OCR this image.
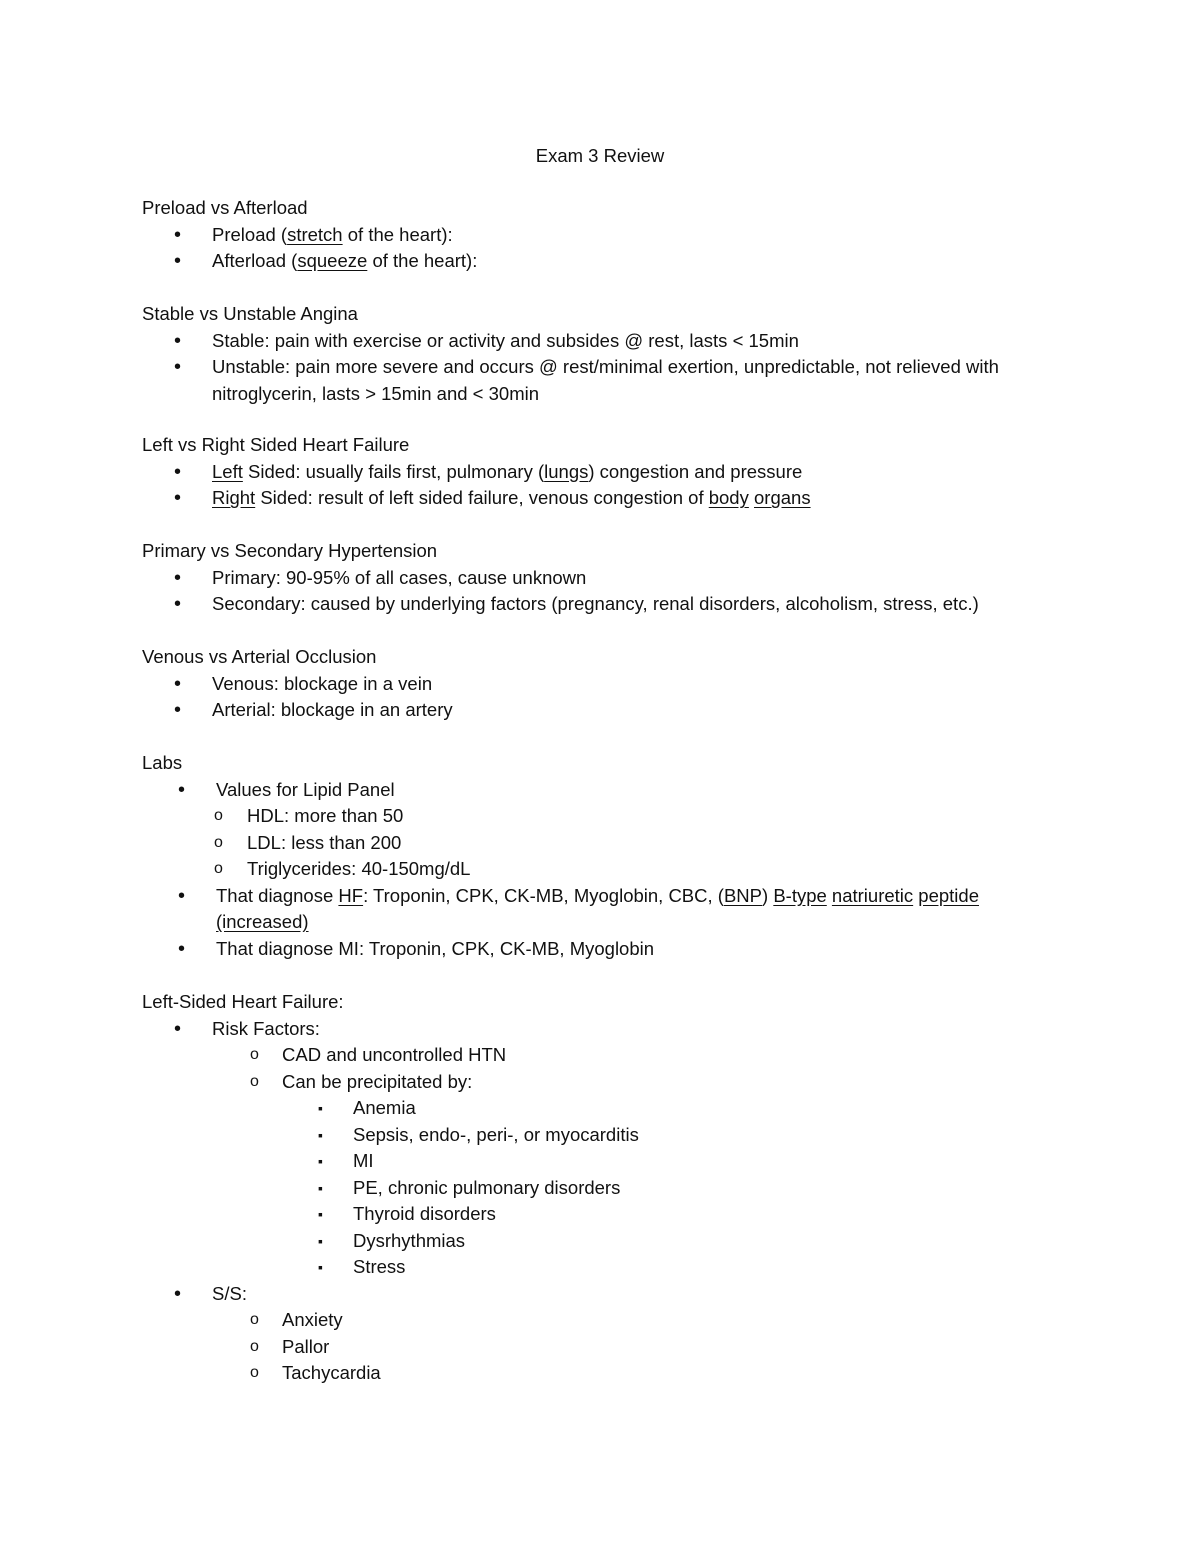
Exam 3 Review
Preload vs Afterload
• Preload (stretch of the heart):
• Afterload (squeeze of the heart):
Stable vs Unstable Angina
• Stable: pain with exercise or activity and subsides @ rest, lasts < 15min
• Unstable: pain more severe and occurs @ rest/minimal exertion, unpredictable, not relieved with nitroglycerin, lasts > 15min and < 30min
Left vs Right Sided Heart Failure
• Left Sided: usually fails first, pulmonary (lungs) congestion and pressure
• Right Sided: result of left sided failure, venous congestion of body organs
Primary vs Secondary Hypertension
• Primary: 90-95% of all cases, cause unknown
• Secondary: caused by underlying factors (pregnancy, renal disorders, alcoholism, stress, etc.)
Venous vs Arterial Occlusion
• Venous: blockage in a vein
• Arterial: blockage in an artery
Labs
• Values for Lipid Panel
o HDL: more than 50
o LDL: less than 200
o Triglycerides: 40-150mg/dL
• That diagnose HF: Troponin, CPK, CK-MB, Myoglobin, CBC, (BNP) B-type natriuretic peptide (increased)
• That diagnose MI: Troponin, CPK, CK-MB, Myoglobin
Left-Sided Heart Failure:
• Risk Factors:
o CAD and uncontrolled HTN
o Can be precipitated by:
▪ Anemia
▪ Sepsis, endo-, peri-, or myocarditis
▪ MI
▪ PE, chronic pulmonary disorders
▪ Thyroid disorders
▪ Dysrhythmias
▪ Stress
• S/S:
o Anxiety
o Pallor
o Tachycardia
